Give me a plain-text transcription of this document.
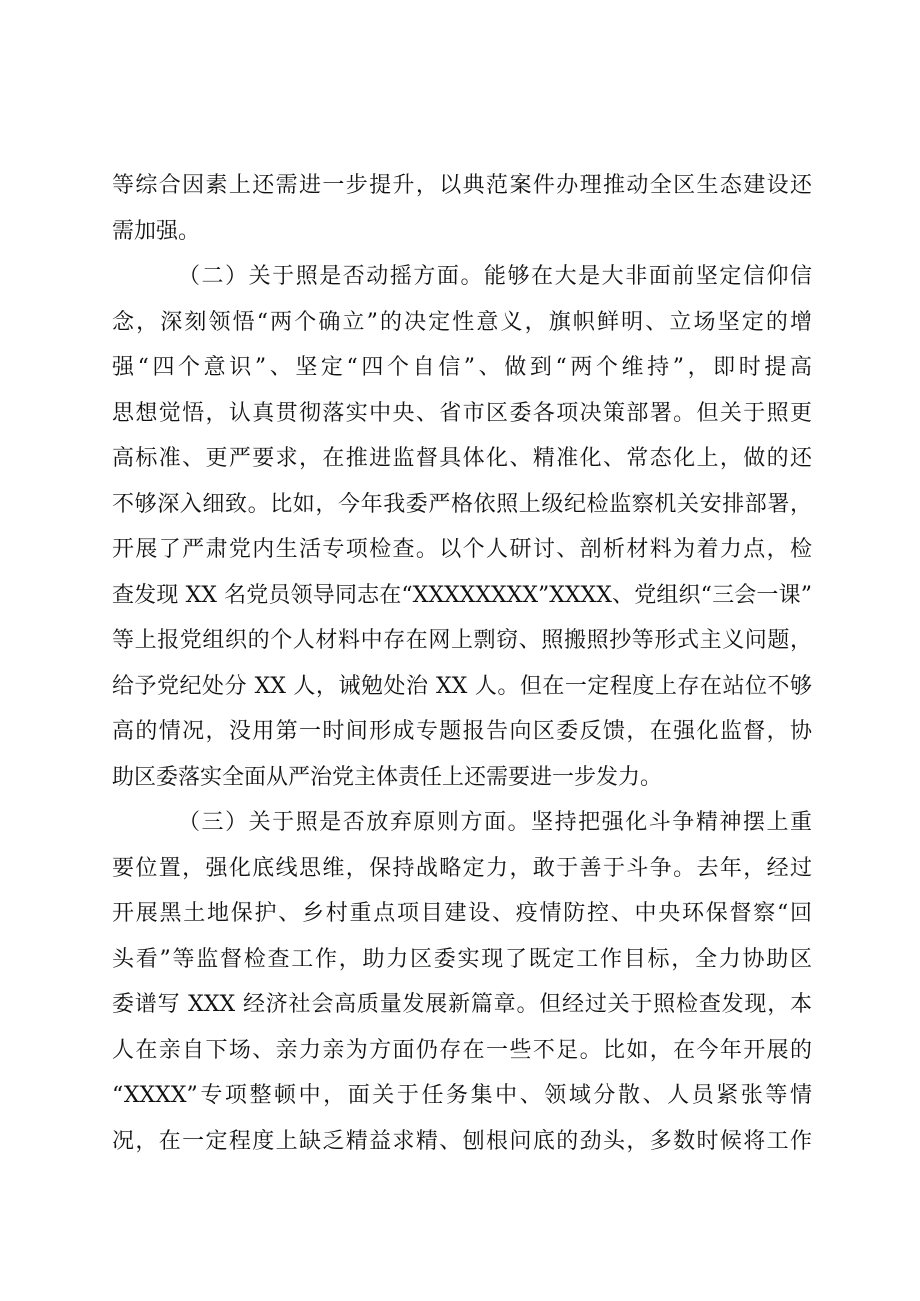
等综合因素上还需进一步提升，以典范案件办理推动全区生态建设还
需加强。
（二）关于照是否动摇方面。能够在大是大非面前坚定信仰信
念，深刻领悟“两个确立”的决定性意义，旗帜鲜明、立场坚定的增
强“四个意识”、坚定“四个自信”、做到“两个维持”，即时提高
思想觉悟，认真贯彻落实中央、省市区委各项决策部署。但关于照更
高标准、更严要求，在推进监督具体化、精准化、常态化上，做的还
不够深入细致。比如，今年我委严格依照上级纪检监察机关安排部署，
开展了严肃党内生活专项检查。以个人研讨、剖析材料为着力点，检
查发现 XX 名党员领导同志在“XXXXXXXX”XXXX、党组织“三会一课”
等上报党组织的个人材料中存在网上剽窃、照搬照抄等形式主义问题，
给予党纪处分 XX 人，诫勉处治 XX 人。但在一定程度上存在站位不够
高的情况，没用第一时间形成专题报告向区委反馈，在强化监督，协
助区委落实全面从严治党主体责任上还需要进一步发力。
（三）关于照是否放弃原则方面。坚持把强化斗争精神摆上重
要位置，强化底线思维，保持战略定力，敢于善于斗争。去年，经过
开展黑土地保护、乡村重点项目建设、疫情防控、中央环保督察“回
头看”等监督检查工作，助力区委实现了既定工作目标，全力协助区
委谱写 XXX 经济社会高质量发展新篇章。但经过关于照检查发现，本
人在亲自下场、亲力亲为方面仍存在一些不足。比如，在今年开展的
“XXXX”专项整顿中，面关于任务集中、领域分散、人员紧张等情
况，在一定程度上缺乏精益求精、刨根问底的劲头，多数时候将工作
